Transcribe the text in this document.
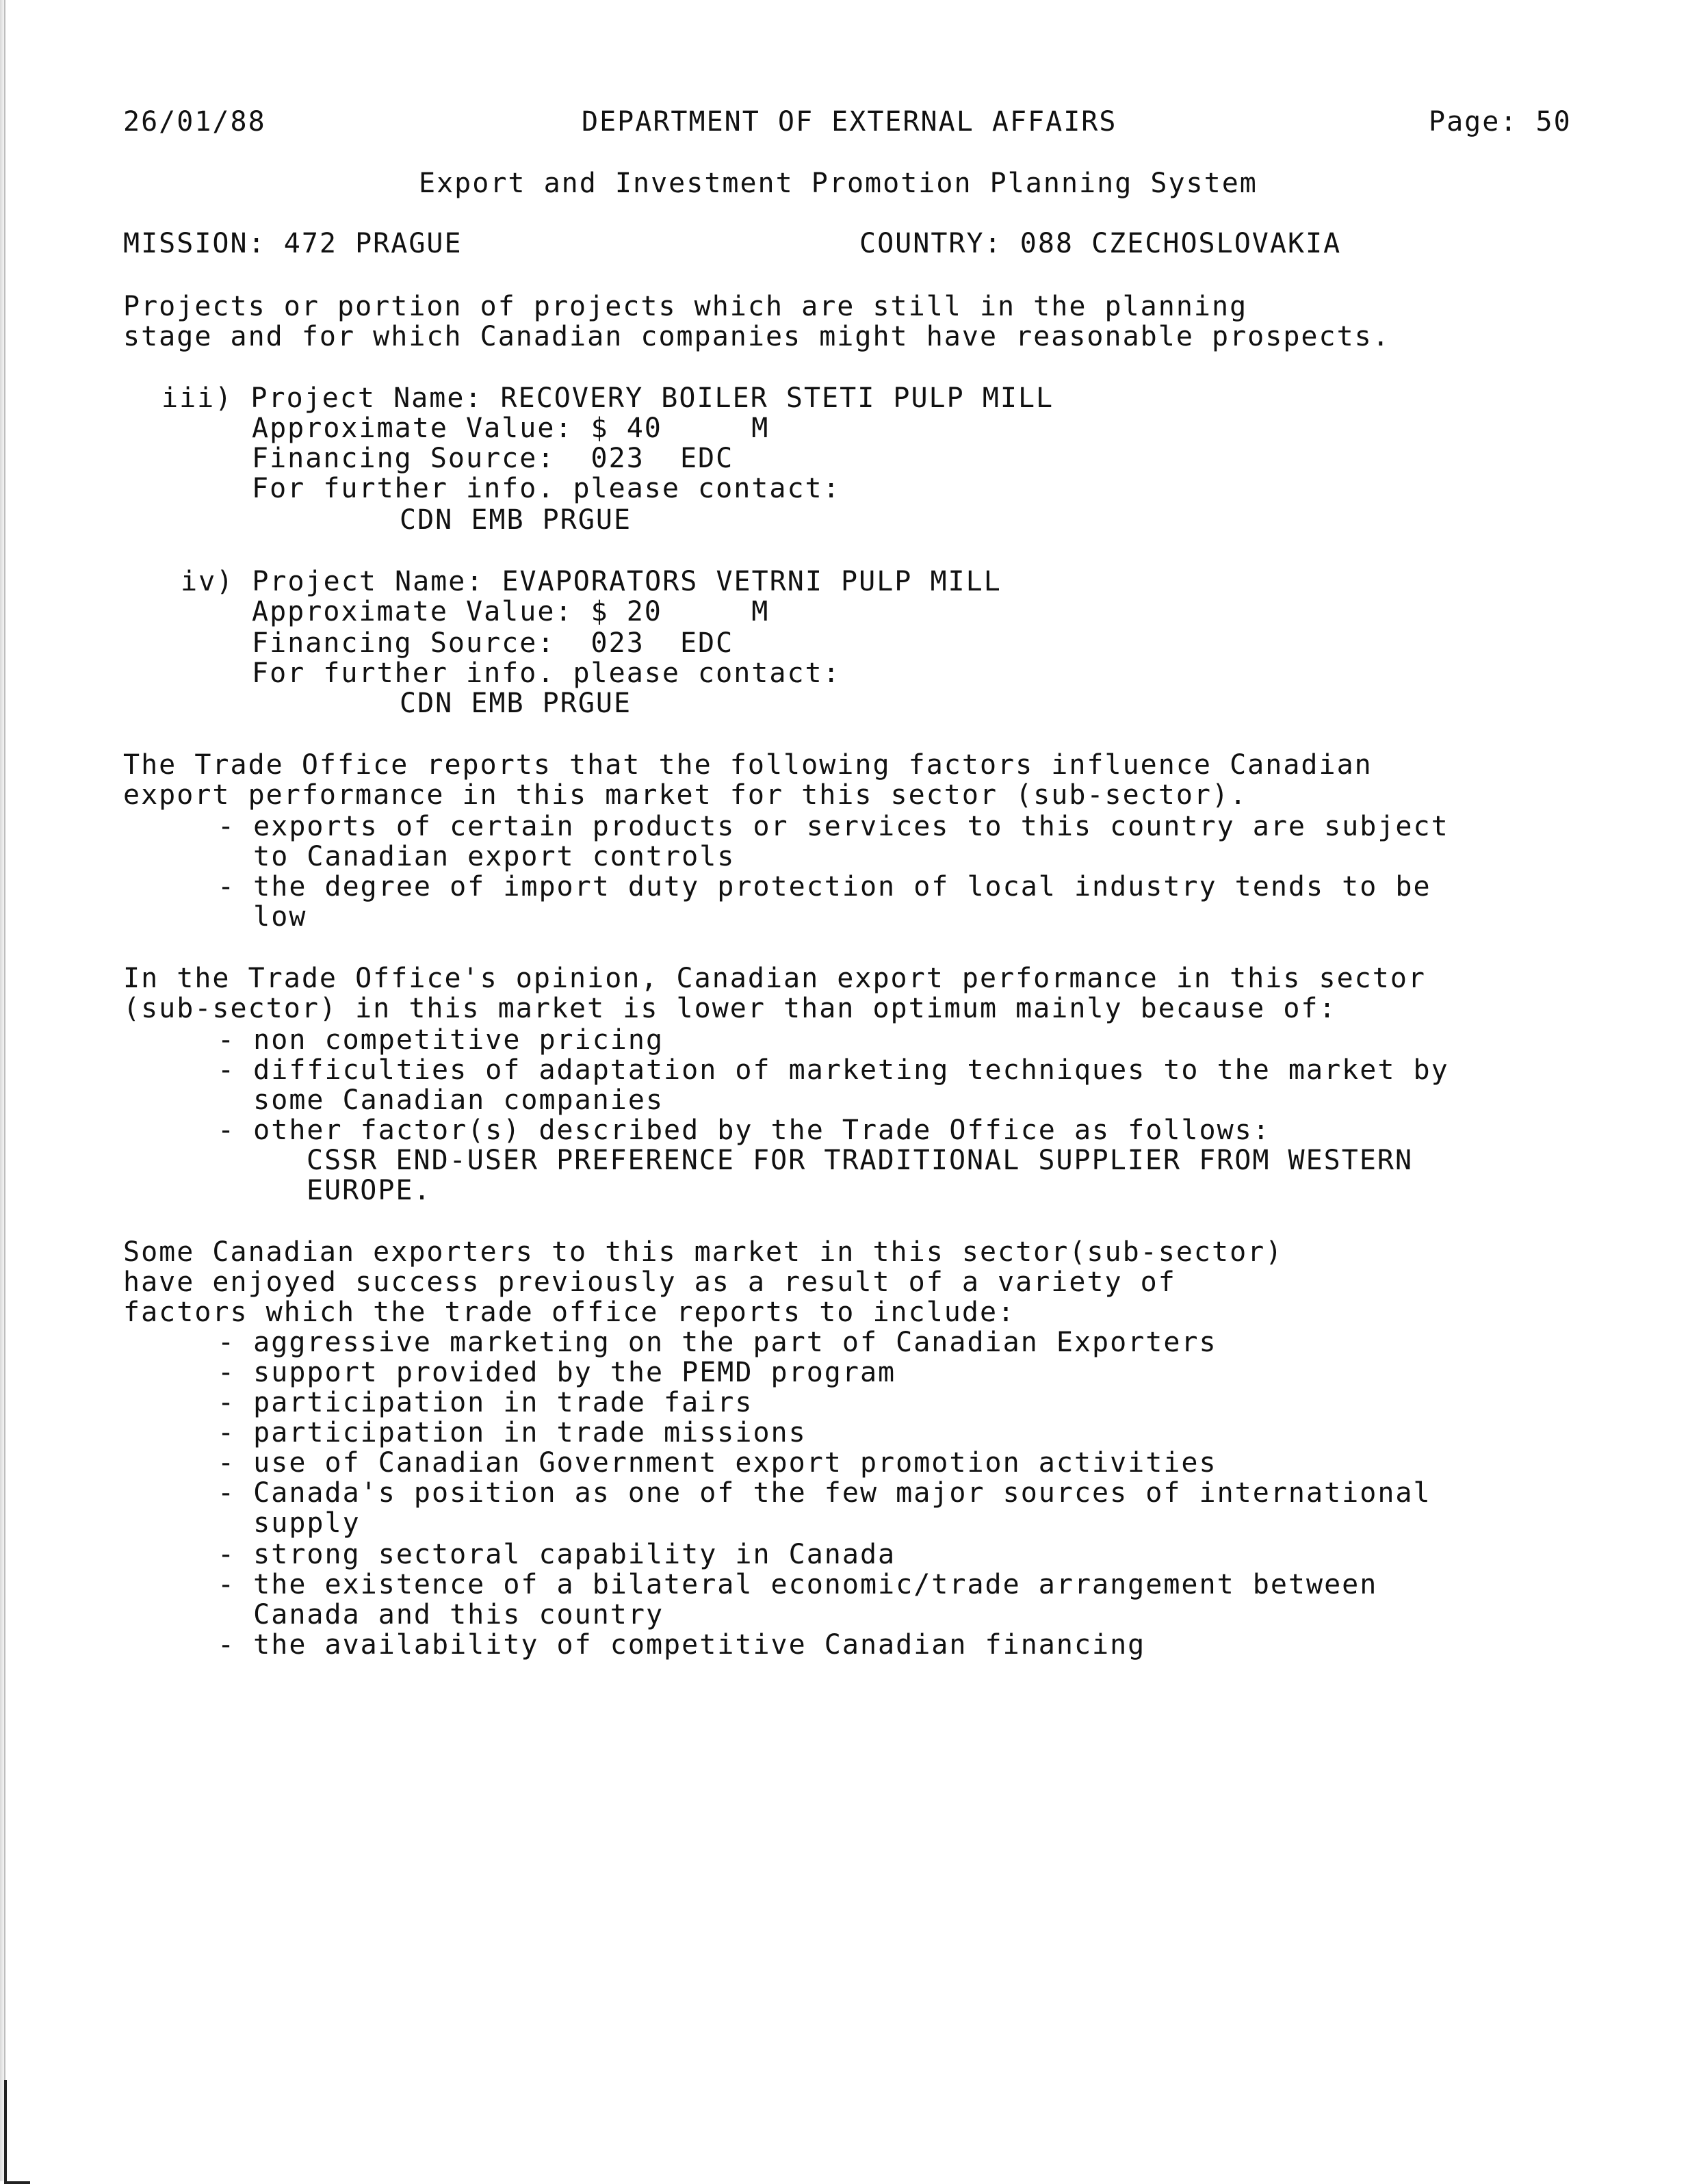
26/01/88	DEPARTMENT OF EXTERNAL AFFAIRS	Page: 50
Export and Investment Promotion Planning System
MISSION: 472 PRAGUE	COUNTRY: 088 CZECHOSLOVAKIA
Projects or portion of projects which are still in the planning
stage and for which Canadian companies might have reasonable prospects.
iii) Project Name: RECOVERY BOILER STETI PULP MILL
Approximate Value: $ 40     M
Financing Source:  023  EDC
For further info. please contact:
CDN EMB PRGUE
iv) Project Name: EVAPORATORS VETRNI PULP MILL
Approximate Value: $ 20     M
Financing Source:  023  EDC
For further info. please contact:
CDN EMB PRGUE
The Trade Office reports that the following factors influence Canadian
export performance in this market for this sector (sub-sector).
- exports of certain products or services to this country are subject
to Canadian export controls
- the degree of import duty protection of local industry tends to be
low
In the Trade Office's opinion, Canadian export performance in this sector
(sub-sector) in this market is lower than optimum mainly because of:
- non competitive pricing
- difficulties of adaptation of marketing techniques to the market by
some Canadian companies
- other factor(s) described by the Trade Office as follows:
CSSR END-USER PREFERENCE FOR TRADITIONAL SUPPLIER FROM WESTERN
EUROPE.
Some Canadian exporters to this market in this sector(sub-sector)
have enjoyed success previously as a result of a variety of
factors which the trade office reports to include:
- aggressive marketing on the part of Canadian Exporters
- support provided by the PEMD program
- participation in trade fairs
- participation in trade missions
- use of Canadian Government export promotion activities
- Canada's position as one of the few major sources of international
supply
- strong sectoral capability in Canada
- the existence of a bilateral economic/trade arrangement between
Canada and this country
- the availability of competitive Canadian financing
